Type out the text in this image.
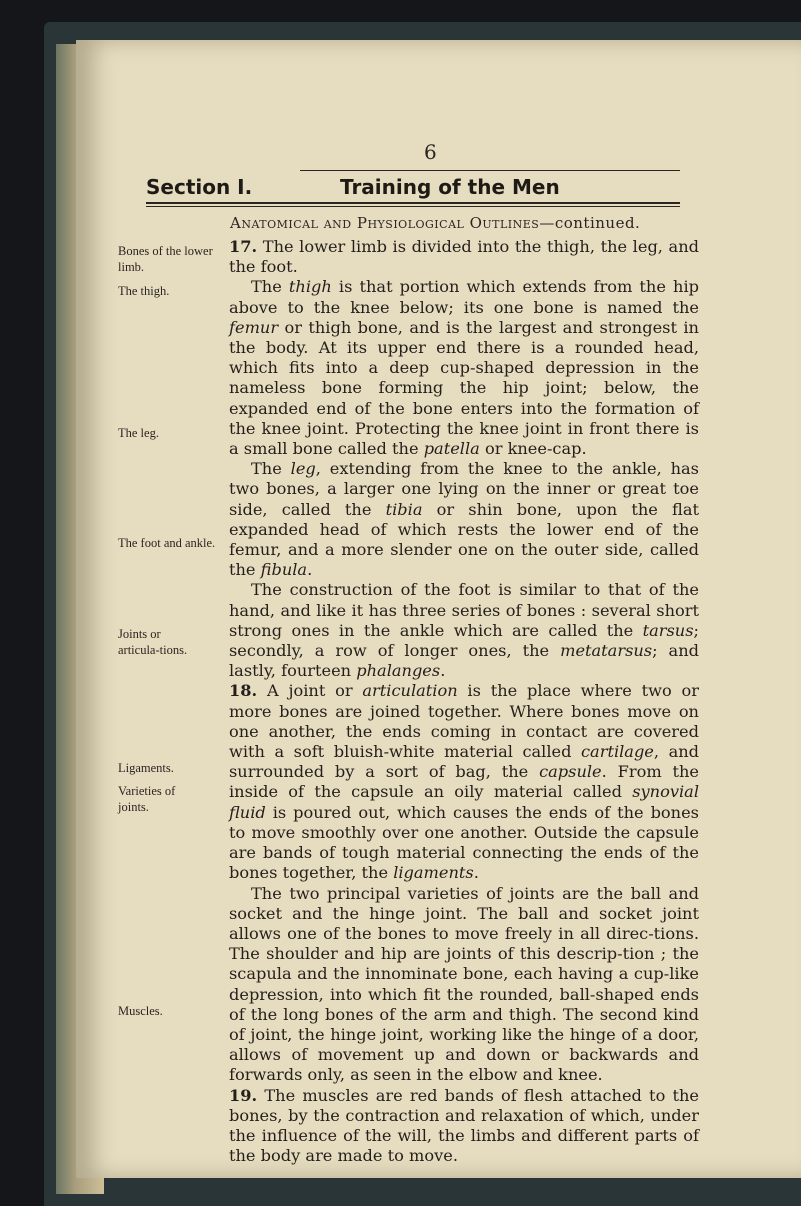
6
Section I.	Training of the Men
Anatomical and Physiological Outlines—continued.
Bones of the lower limb.
The thigh.
The leg.
The foot and ankle.
Joints or articula-tions.
Ligaments.
Varieties of joints.
Muscles.

17. The lower limb is divided into the thigh, the leg, and the foot.

The thigh is that portion which extends from the hip above to the knee below; its one bone is named the femur or thigh bone, and is the largest and strongest in the body. At its upper end there is a rounded head, which fits into a deep cup-shaped depression in the nameless bone forming the hip joint; below, the expanded end of the bone enters into the formation of the knee joint. Protecting the knee joint in front there is a small bone called the patella or knee-cap.

The leg, extending from the knee to the ankle, has two bones, a larger one lying on the inner or great toe side, called the tibia or shin bone, upon the flat expanded head of which rests the lower end of the femur, and a more slender one on the outer side, called the fibula.

The construction of the foot is similar to that of the hand, and like it has three series of bones : several short strong ones in the ankle which are called the tarsus; secondly, a row of longer ones, the metatarsus; and lastly, fourteen phalanges.

18. A joint or articulation is the place where two or more bones are joined together. Where bones move on one another, the ends coming in contact are covered with a soft bluish-white material called cartilage, and surrounded by a sort of bag, the capsule. From the inside of the capsule an oily material called synovial fluid is poured out, which causes the ends of the bones to move smoothly over one another. Outside the capsule are bands of tough material connecting the ends of the bones together, the ligaments.

The two principal varieties of joints are the ball and socket and the hinge joint. The ball and socket joint allows one of the bones to move freely in all direc-tions. The shoulder and hip are joints of this descrip-tion ; the scapula and the innominate bone, each having a cup-like depression, into which fit the rounded, ball-shaped ends of the long bones of the arm and thigh. The second kind of joint, the hinge joint, working like the hinge of a door, allows of movement up and down or backwards and forwards only, as seen in the elbow and knee.

19. The muscles are red bands of flesh attached to the bones, by the contraction and relaxation of which, under the influence of the will, the limbs and different parts of the body are made to move.
